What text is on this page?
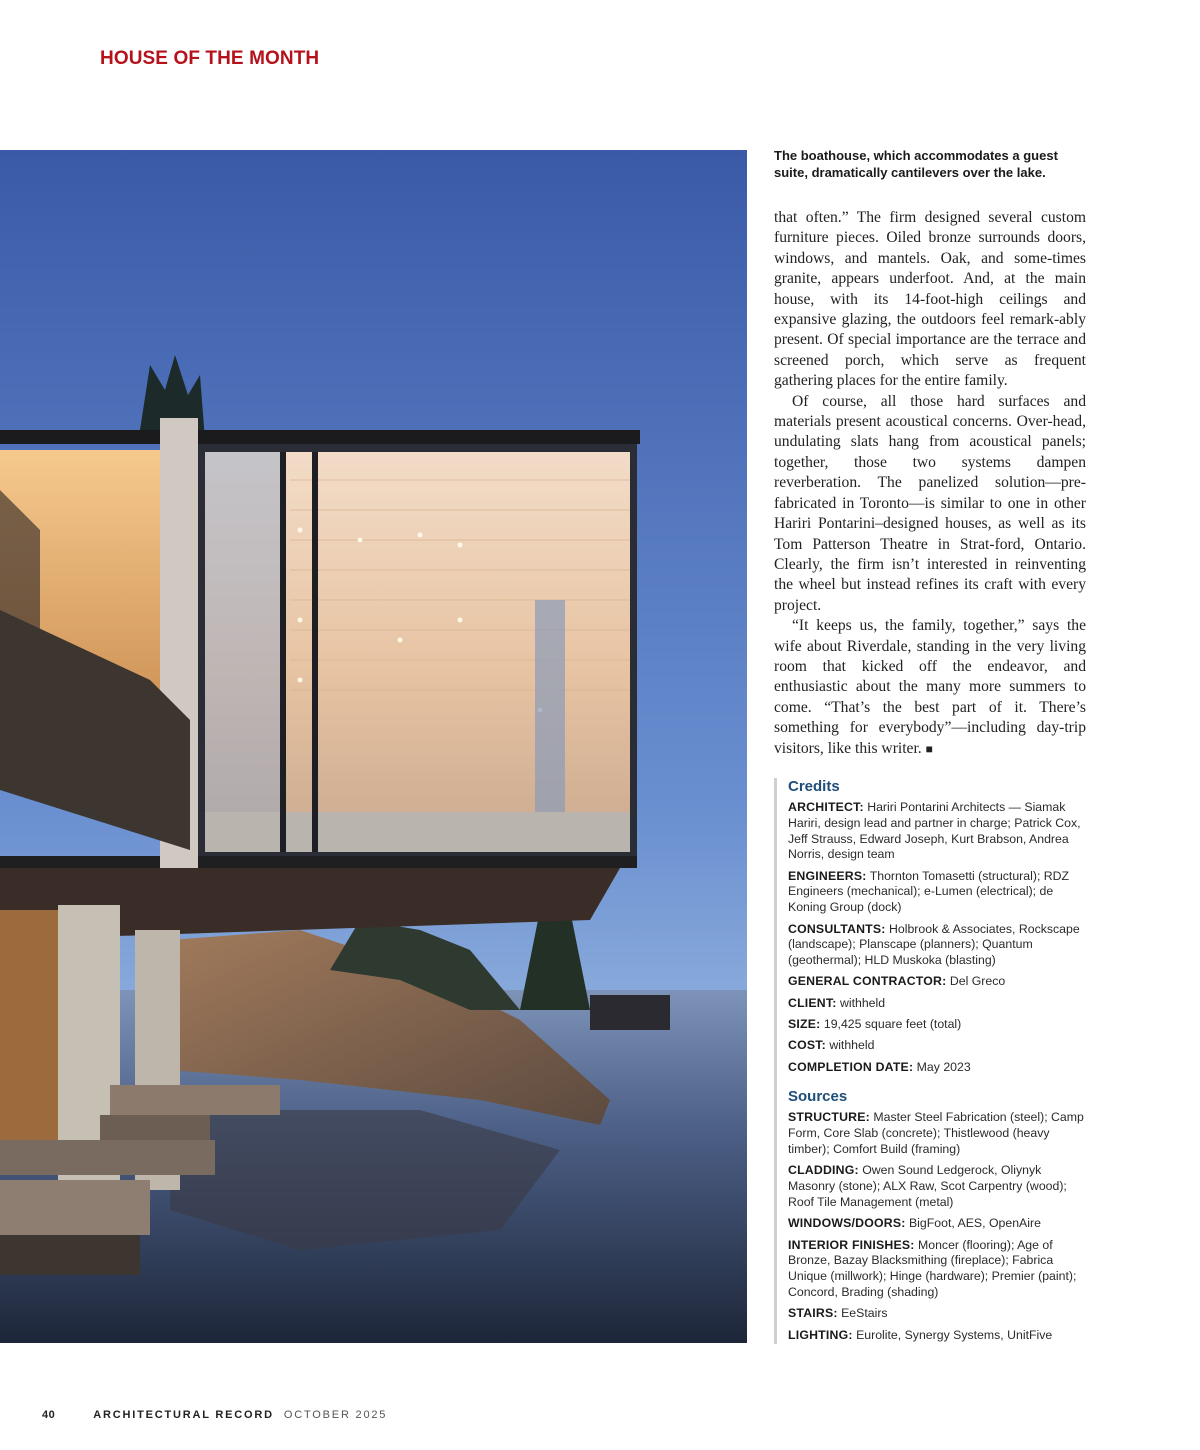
HOUSE OF THE MONTH
The boathouse, which accommodates a guest suite, dramatically cantilevers over the lake.

that often.” The firm designed several custom furniture pieces. Oiled bronze surrounds doors, windows, and mantels. Oak, and some-times granite, appears underfoot. And, at the main house, with its 14-foot-high ceilings and expansive glazing, the outdoors feel remark-ably present. Of special importance are the terrace and screened porch, which serve as frequent gathering places for the entire family.

Of course, all those hard surfaces and materials present acoustical concerns. Over-head, undulating slats hang from acoustical panels; together, those two systems dampen reverberation. The panelized solution—pre-fabricated in Toronto—is similar to one in other Hariri Pontarini–designed houses, as well as its Tom Patterson Theatre in Strat-ford, Ontario. Clearly, the firm isn’t interested in reinventing the wheel but instead refines its craft with every project.

“It keeps us, the family, together,” says the wife about Riverdale, standing in the very living room that kicked off the endeavor, and enthusiastic about the many more summers to come. “That’s the best part of it. There’s something for everybody”—including day-trip visitors, like this writer. ■

Credits
ARCHITECT: Hariri Pontarini Architects — Siamak Hariri, design lead and partner in charge; Patrick Cox, Jeff Strauss, Edward Joseph, Kurt Brabson, Andrea Norris, design team
ENGINEERS: Thornton Tomasetti (structural); RDZ Engineers (mechanical); e-Lumen (electrical); de Koning Group (dock)
CONSULTANTS: Holbrook & Associates, Rockscape (landscape); Planscape (planners); Quantum (geothermal); HLD Muskoka (blasting)
GENERAL CONTRACTOR: Del Greco
CLIENT: withheld
SIZE: 19,425 square feet (total)
COST: withheld
COMPLETION DATE: May 2023
Sources
STRUCTURE: Master Steel Fabrication (steel); Camp Form, Core Slab (concrete); Thistlewood (heavy timber); Comfort Build (framing)
CLADDING: Owen Sound Ledgerock, Oliynyk Masonry (stone); ALX Raw, Scot Carpentry (wood); Roof Tile Management (metal)
WINDOWS/DOORS: BigFoot, AES, OpenAire
INTERIOR FINISHES: Moncer (flooring); Age of Bronze, Bazay Blacksmithing (fireplace); Fabrica Unique (millwork); Hinge (hardware); Premier (paint); Concord, Brading (shading)
STAIRS: EeStairs
LIGHTING: Eurolite, Synergy Systems, UnitFive
40	ARCHITECTURAL RECORD OCTOBER 2025
